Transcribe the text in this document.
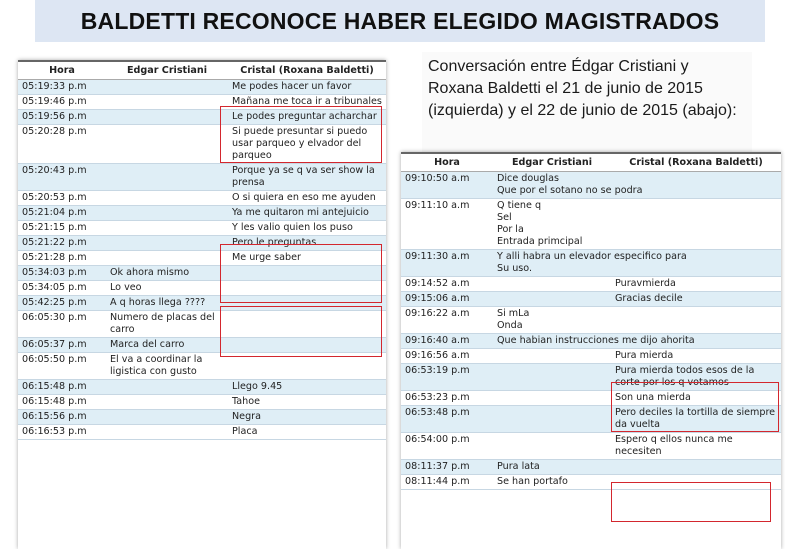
BALDETTI RECONOCE HABER ELEGIDO MAGISTRADOS
Conversación entre Édgar Cristiani y Roxana Baldetti el 21 de junio de 2015 (izquierda) y el 22 de junio de 2015 (abajo):
Hora	Edgar Cristiani	Cristal (Roxana Baldetti)
05:19:33 p.m		Me podes hacer un favor
05:19:46 p.m		Mañana me toca ir a tribunales
05:19:56 p.m		Le podes preguntar acharchar
05:20:28 p.m		Si puede presuntar si puedo usar parqueo y elvador del parqueo
05:20:43 p.m		Porque ya se q va ser show la prensa
05:20:53 p.m		O si quiera en eso me ayuden
05:21:04 p.m		Ya me quitaron mi antejuicio
05:21:15 p.m		Y les valio quien los puso
05:21:22 p.m		Pero le preguntas
05:21:28 p.m		Me urge saber
05:34:03 p.m	Ok ahora mismo	
05:34:05 p.m	Lo veo	
05:42:25 p.m	A q horas llega ????	
06:05:30 p.m	Numero de placas del carro	
06:05:37 p.m	Marca del carro	
06:05:50 p.m	El va a coordinar la ligistica con gusto	
06:15:48 p.m		Llego 9.45
06:15:48 p.m		Tahoe
06:15:56 p.m		Negra
06:16:53 p.m		Placa
Hora	Edgar Cristiani	Cristal (Roxana Baldetti)
09:10:50 a.m	Dice douglas
Que por el sotano no se podra	
09:11:10 a.m	Q tiene q
Sel
Por la
Entrada primcipal	
09:11:30 a.m	Y alli habra un elevador especifico para
Su uso.	
09:14:52 a.m		Puravmierda
09:15:06 a.m		Gracias decile
09:16:22 a.m	Si mLa
Onda	
09:16:40 a.m	Que habian instrucciones me dijo ahorita	
09:16:56 a.m		Pura mierda
06:53:19 p.m		Pura mierda todos esos de la corte por los q votamos
06:53:23 p.m		Son una mierda
06:53:48 p.m		Pero deciles la tortilla de siempre da vuelta
06:54:00 p.m		Espero q ellos nunca me necesiten
08:11:37 p.m	Pura lata	
08:11:44 p.m	Se han portafo	
